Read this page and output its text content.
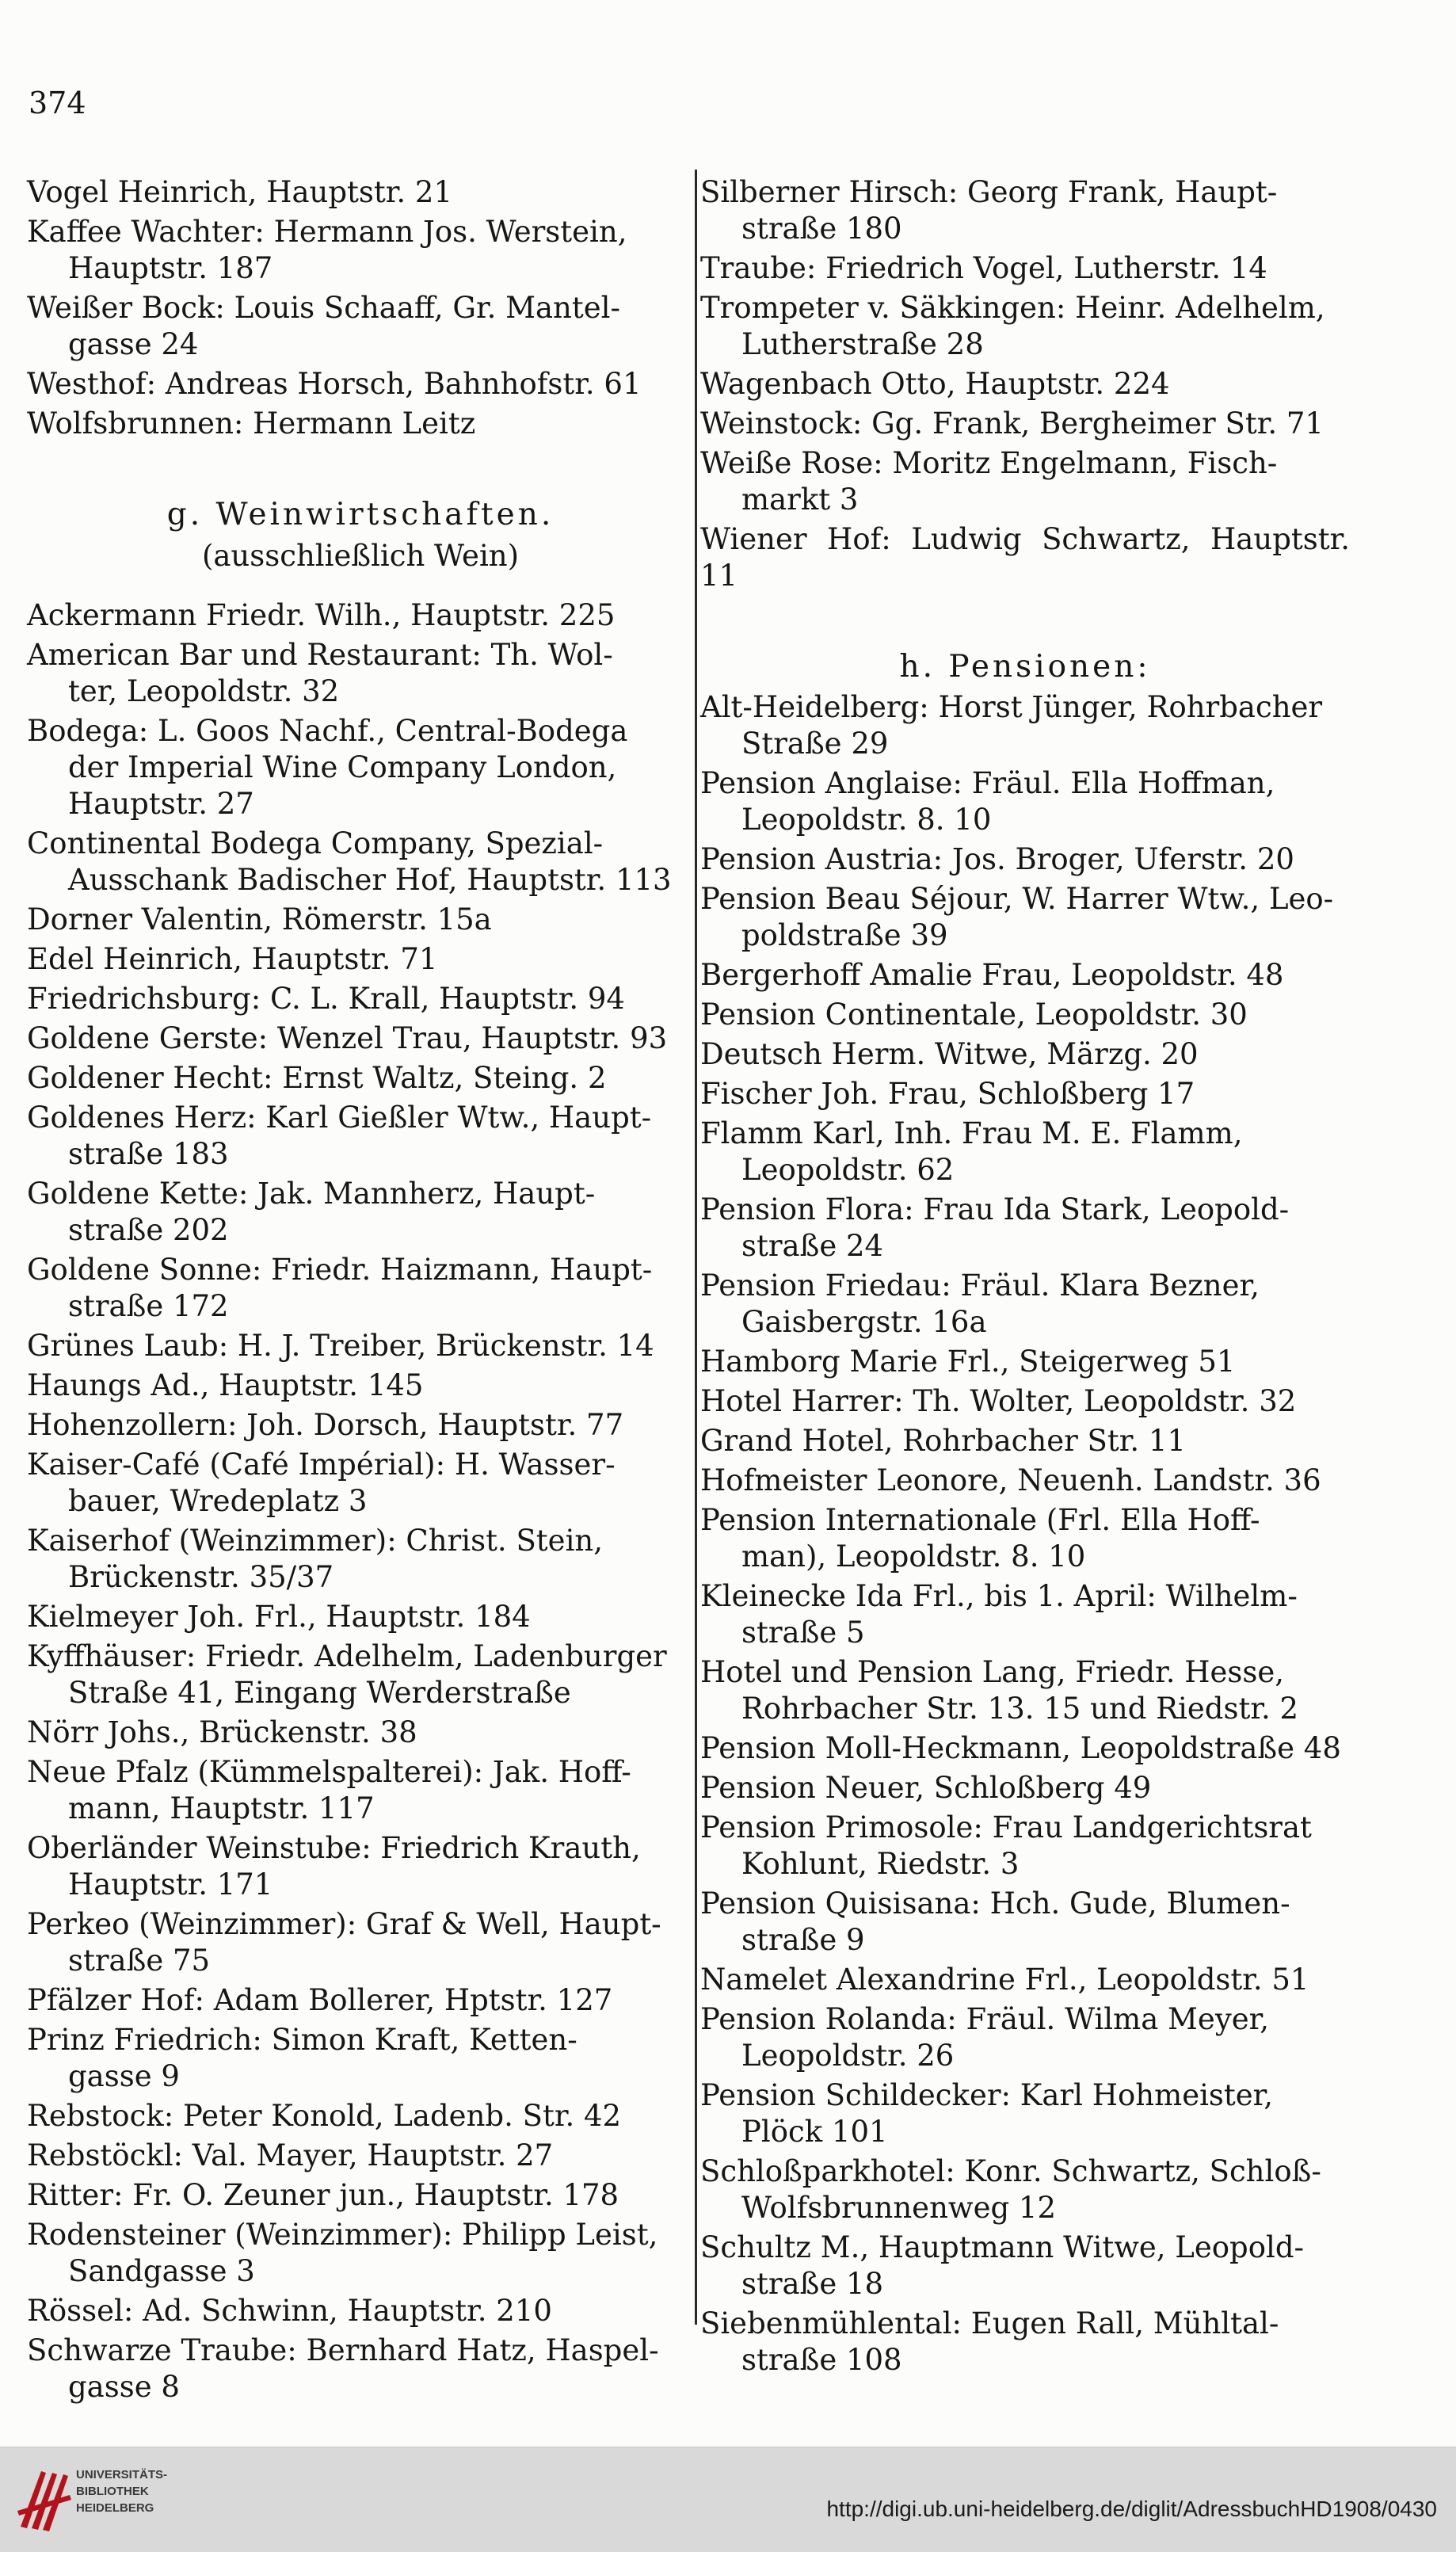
374
Vogel Heinrich, Hauptstr. 21
Kaffee Wachter: Hermann Jos. Werstein,
Hauptstr. 187
Weißer Bock: Louis Schaaff, Gr. Mantel-
gasse 24
Westhof: Andreas Horsch, Bahnhofstr. 61
Wolfsbrunnen: Hermann Leitz
g. Weinwirtschaften.
(ausschließlich Wein)
Ackermann Friedr. Wilh., Hauptstr. 225
American Bar und Restaurant: Th. Wol-
ter, Leopoldstr. 32
Bodega: L. Goos Nachf., Central-Bodega
der Imperial Wine Company London,
Hauptstr. 27
Continental Bodega Company, Spezial-
Ausschank Badischer Hof, Hauptstr. 113
Dorner Valentin, Römerstr. 15a
Edel Heinrich, Hauptstr. 71
Friedrichsburg: C. L. Krall, Hauptstr. 94
Goldene Gerste: Wenzel Trau, Hauptstr. 93
Goldener Hecht: Ernst Waltz, Steing. 2
Goldenes Herz: Karl Gießler Wtw., Haupt-
straße 183
Goldene Kette: Jak. Mannherz, Haupt-
straße 202
Goldene Sonne: Friedr. Haizmann, Haupt-
straße 172
Grünes Laub: H. J. Treiber, Brückenstr. 14
Haungs Ad., Hauptstr. 145
Hohenzollern: Joh. Dorsch, Hauptstr. 77
Kaiser-Café (Café Impérial): H. Wasser-
bauer, Wredeplatz 3
Kaiserhof (Weinzimmer): Christ. Stein,
Brückenstr. 35/37
Kielmeyer Joh. Frl., Hauptstr. 184
Kyffhäuser: Friedr. Adelhelm, Ladenburger
Straße 41, Eingang Werderstraße
Nörr Johs., Brückenstr. 38
Neue Pfalz (Kümmelspalterei): Jak. Hoff-
mann, Hauptstr. 117
Oberländer Weinstube: Friedrich Krauth,
Hauptstr. 171
Perkeo (Weinzimmer): Graf & Well, Haupt-
straße 75
Pfälzer Hof: Adam Bollerer, Hptstr. 127
Prinz Friedrich: Simon Kraft, Ketten-
gasse 9
Rebstock: Peter Konold, Ladenb. Str. 42
Rebstöckl: Val. Mayer, Hauptstr. 27
Ritter: Fr. O. Zeuner jun., Hauptstr. 178
Rodensteiner (Weinzimmer): Philipp Leist,
Sandgasse 3
Rössel: Ad. Schwinn, Hauptstr. 210
Schwarze Traube: Bernhard Hatz, Haspel-
gasse 8
Silberner Hirsch: Georg Frank, Haupt-
straße 180
Traube: Friedrich Vogel, Lutherstr. 14
Trompeter v. Säkkingen: Heinr. Adelhelm,
Lutherstraße 28
Wagenbach Otto, Hauptstr. 224
Weinstock: Gg. Frank, Bergheimer Str. 71
Weiße Rose: Moritz Engelmann, Fisch-
markt 3
Wiener Hof: Ludwig Schwartz, Hauptstr. 11
h. Pensionen:
Alt-Heidelberg: Horst Jünger, Rohrbacher
Straße 29
Pension Anglaise: Fräul. Ella Hoffman,
Leopoldstr. 8. 10
Pension Austria: Jos. Broger, Uferstr. 20
Pension Beau Séjour, W. Harrer Wtw., Leo-
poldstraße 39
Bergerhoff Amalie Frau, Leopoldstr. 48
Pension Continentale, Leopoldstr. 30
Deutsch Herm. Witwe, Märzg. 20
Fischer Joh. Frau, Schloßberg 17
Flamm Karl, Inh. Frau M. E. Flamm,
Leopoldstr. 62
Pension Flora: Frau Ida Stark, Leopold-
straße 24
Pension Friedau: Fräul. Klara Bezner,
Gaisbergstr. 16a
Hamborg Marie Frl., Steigerweg 51
Hotel Harrer: Th. Wolter, Leopoldstr. 32
Grand Hotel, Rohrbacher Str. 11
Hofmeister Leonore, Neuenh. Landstr. 36
Pension Internationale (Frl. Ella Hoff-
man), Leopoldstr. 8. 10
Kleinecke Ida Frl., bis 1. April: Wilhelm-
straße 5
Hotel und Pension Lang, Friedr. Hesse,
Rohrbacher Str. 13. 15 und Riedstr. 2
Pension Moll-Heckmann, Leopoldstraße 48
Pension Neuer, Schloßberg 49
Pension Primosole: Frau Landgerichtsrat
Kohlunt, Riedstr. 3
Pension Quisisana: Hch. Gude, Blumen-
straße 9
Namelet Alexandrine Frl., Leopoldstr. 51
Pension Rolanda: Fräul. Wilma Meyer,
Leopoldstr. 26
Pension Schildecker: Karl Hohmeister,
Plöck 101
Schloßparkhotel: Konr. Schwartz, Schloß-
Wolfsbrunnenweg 12
Schultz M., Hauptmann Witwe, Leopold-
straße 18
Siebenmühlental: Eugen Rall, Mühltal-
straße 108
UNIVERSITÄTS-
BIBLIOTHEK
HEIDELBERG	http://digi.ub.uni-heidelberg.de/diglit/AdressbuchHD1908/0430
